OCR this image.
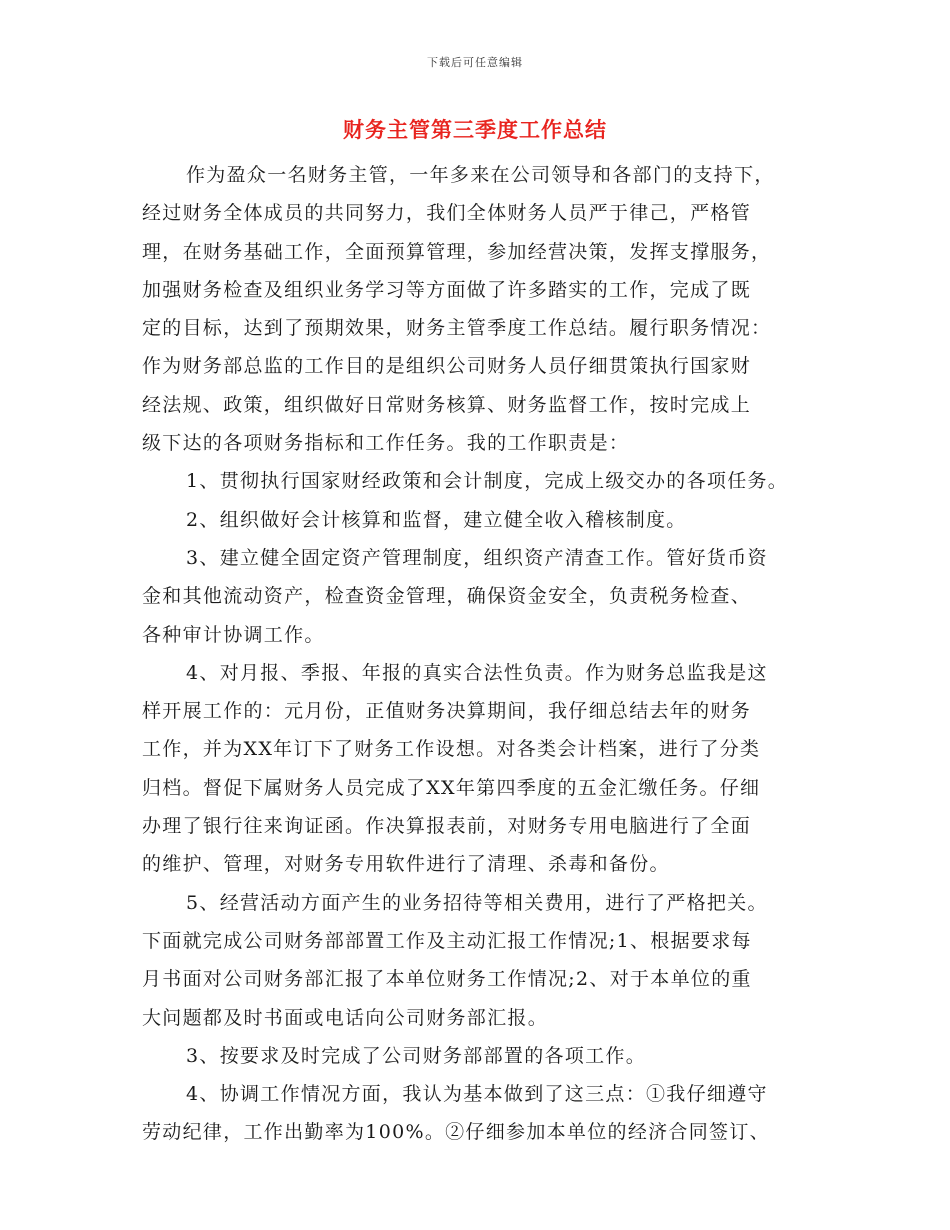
下载后可任意编辑
财务主管第三季度工作总结
作为盈众一名财务主管，一年多来在公司领导和各部门的支持下，
经过财务全体成员的共同努力，我们全体财务人员严于律己，严格管
理，在财务基础工作，全面预算管理，参加经营决策，发挥支撑服务，
加强财务检查及组织业务学习等方面做了许多踏实的工作，完成了既
定的目标，达到了预期效果，财务主管季度工作总结。履行职务情况：
作为财务部总监的工作目的是组织公司财务人员仔细贯策执行国家财
经法规、政策，组织做好日常财务核算、财务监督工作，按时完成上
级下达的各项财务指标和工作任务。我的工作职责是：
1、贯彻执行国家财经政策和会计制度，完成上级交办的各项任务。
2、组织做好会计核算和监督，建立健全收入稽核制度。
3、建立健全固定资产管理制度，组织资产清查工作。管好货币资
金和其他流动资产，检查资金管理，确保资金安全，负责税务检查、
各种审计协调工作。
4、对月报、季报、年报的真实合法性负责。作为财务总监我是这
样开展工作的：元月份，正值财务决算期间，我仔细总结去年的财务
工作，并为XX年订下了财务工作设想。对各类会计档案，进行了分类
归档。督促下属财务人员完成了XX年第四季度的五金汇缴任务。仔细
办理了银行往来询证函。作决算报表前，对财务专用电脑进行了全面
的维护、管理，对财务专用软件进行了清理、杀毒和备份。
5、经营活动方面产生的业务招待等相关费用，进行了严格把关。
下面就完成公司财务部部置工作及主动汇报工作情况;1、根据要求每
月书面对公司财务部汇报了本单位财务工作情况;2、对于本单位的重
大问题都及时书面或电话向公司财务部汇报。
3、按要求及时完成了公司财务部部置的各项工作。
4、协调工作情况方面，我认为基本做到了这三点：①我仔细遵守
劳动纪律，工作出勤率为100%。②仔细参加本单位的经济合同签订、
